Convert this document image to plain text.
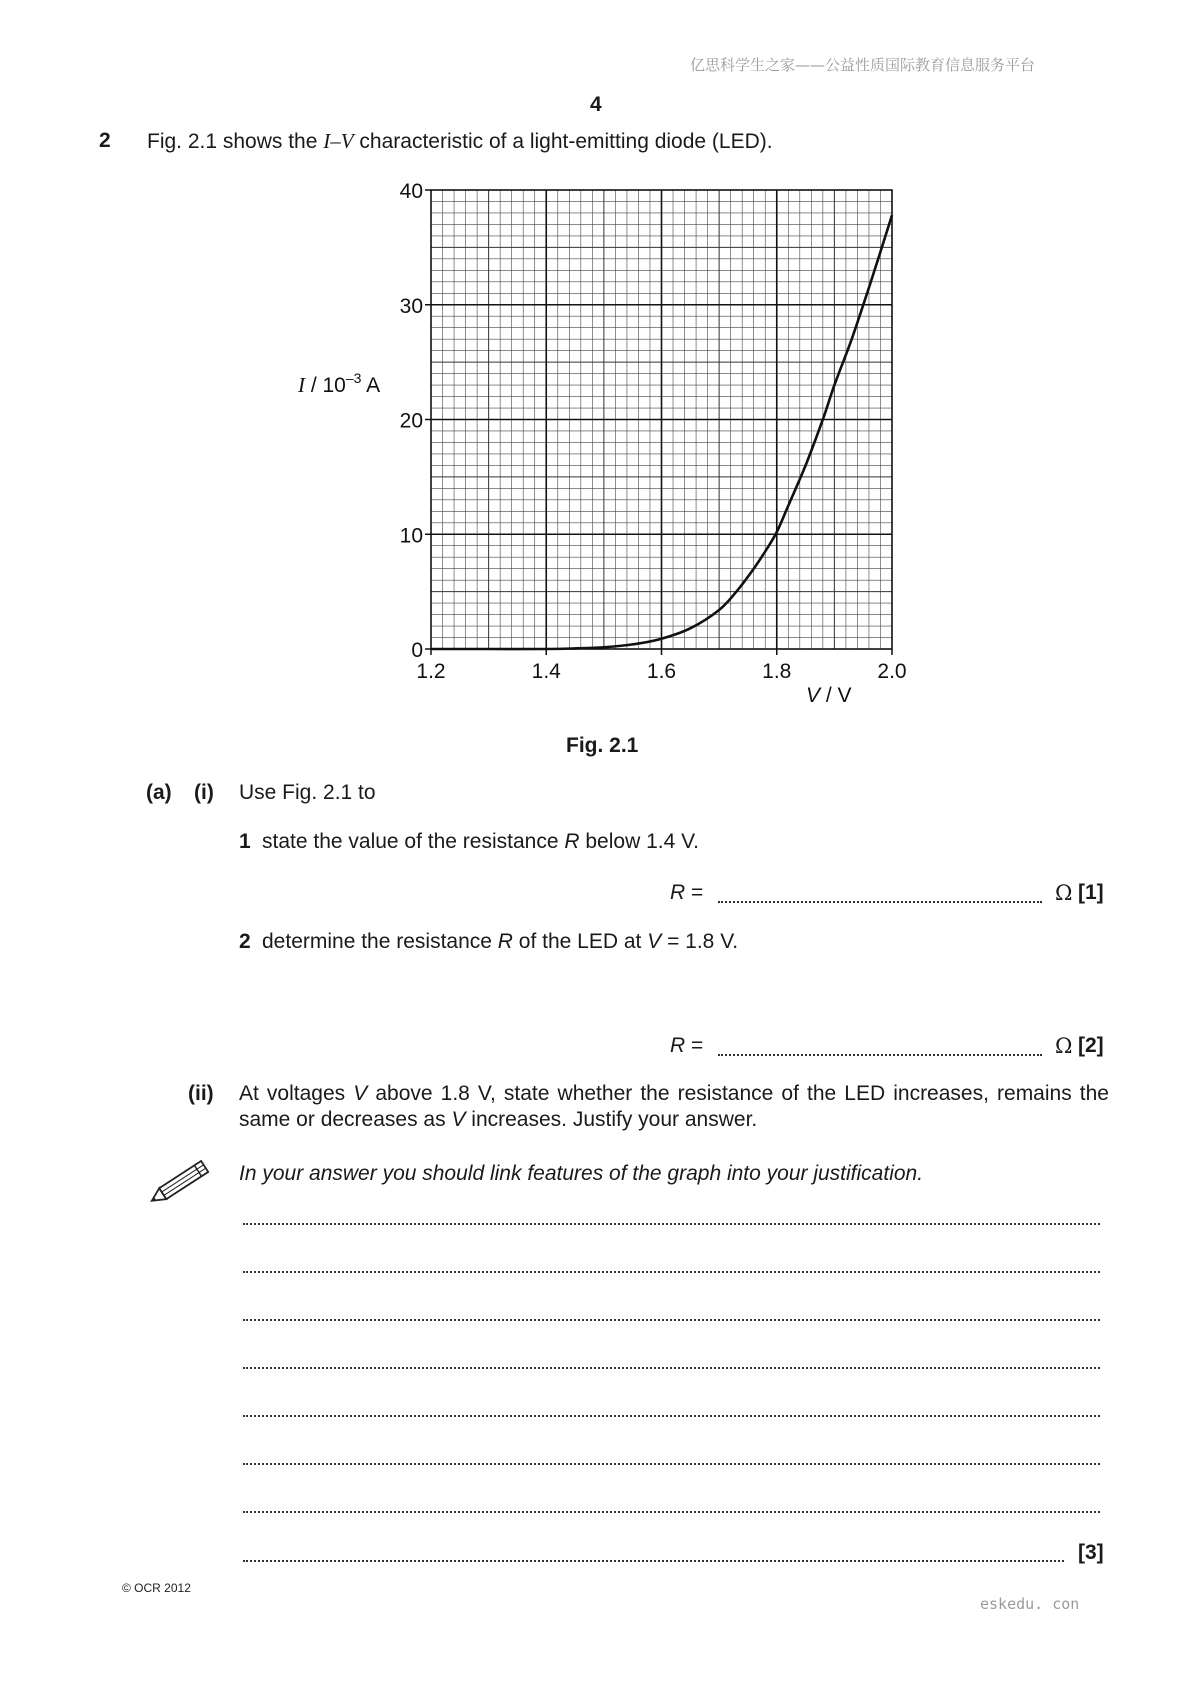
亿思科学生之家——公益性质国际教育信息服务平台
4
2 Fig. 2.1 shows the I–V characteristic of a light-emitting diode (LED).
1.2	1.4	1.6	1.8	2.0
0
10
20
30
40
I / $10^{-3}$ A
V / V
Fig. 2.1
(a) (i) Use Fig. 2.1 to
1 state the value of the resistance R below 1.4 V.
R =	Ω [1]
2 determine the resistance R of the LED at V = 1.8 V.
R =	Ω [2]
(ii) At voltages V above 1.8 V, state whether the resistance of the LED increases, remains the same or decreases as V increases. Justify your answer.
In your answer you should link features of the graph into your justification.
[3]
© OCR 2012
eskedu. con
